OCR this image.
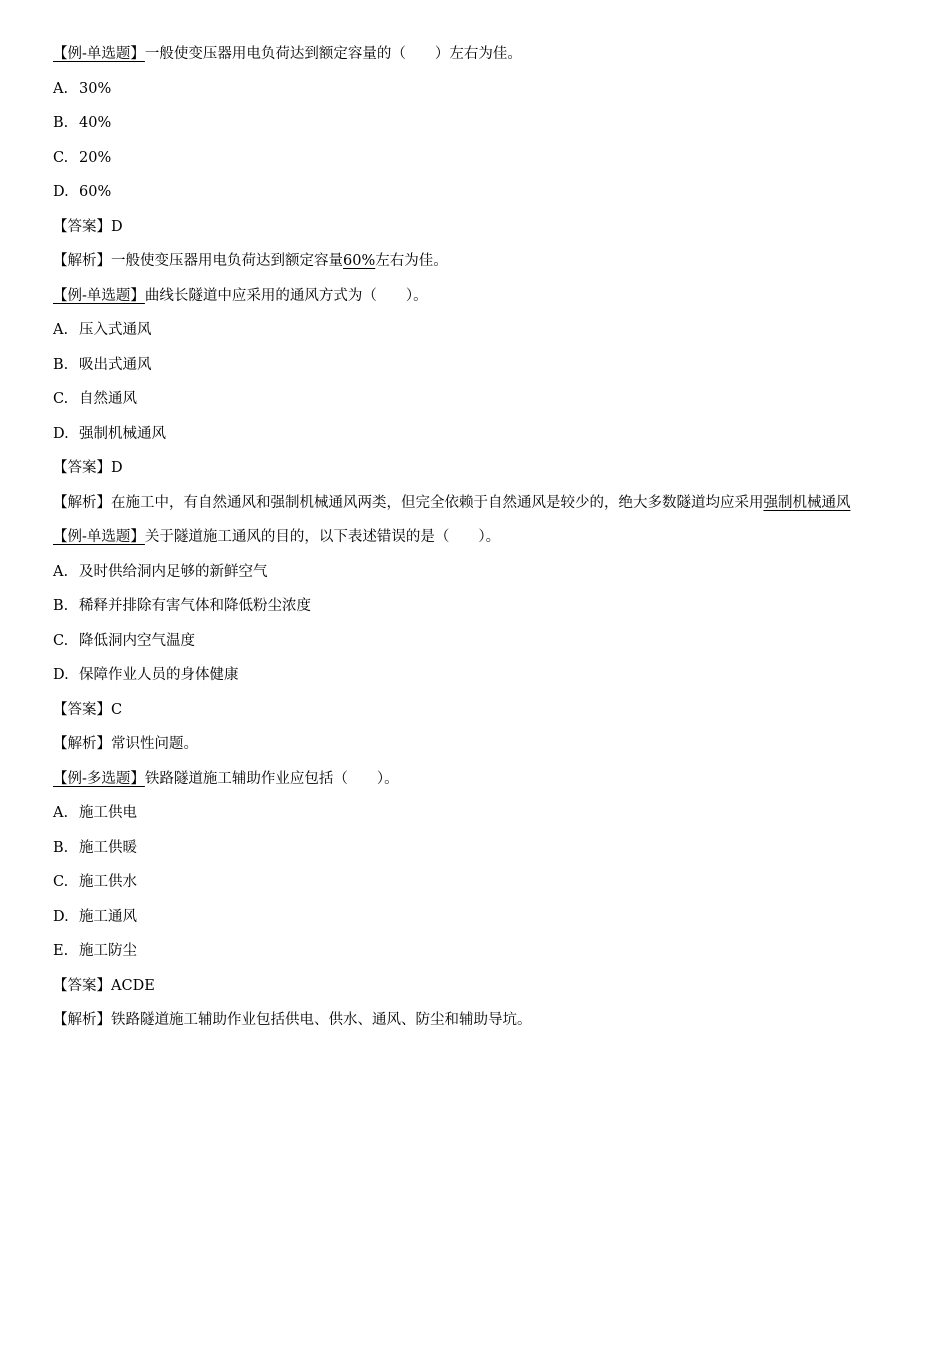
【例-单选题】一般使变压器用电负荷达到额定容量的（　　）左右为佳。
A. 30%
B. 40%
C. 20%
D. 60%
【答案】D
【解析】一般使变压器用电负荷达到额定容量60%左右为佳。
【例-单选题】曲线长隧道中应采用的通风方式为（　　）。
A. 压入式通风
B. 吸出式通风
C. 自然通风
D. 强制机械通风
【答案】D
【解析】在施工中，有自然通风和强制机械通风两类，但完全依赖于自然通风是较少的，绝大多数隧道均应采用强制机械通风
【例-单选题】关于隧道施工通风的目的，以下表述错误的是（　　）。
A. 及时供给洞内足够的新鲜空气
B. 稀释并排除有害气体和降低粉尘浓度
C. 降低洞内空气温度
D. 保障作业人员的身体健康
【答案】C
【解析】常识性问题。
【例-多选题】铁路隧道施工辅助作业应包括（　　）。
A. 施工供电
B. 施工供暖
C. 施工供水
D. 施工通风
E. 施工防尘
【答案】ACDE
【解析】铁路隧道施工辅助作业包括供电、供水、通风、防尘和辅助导坑。
